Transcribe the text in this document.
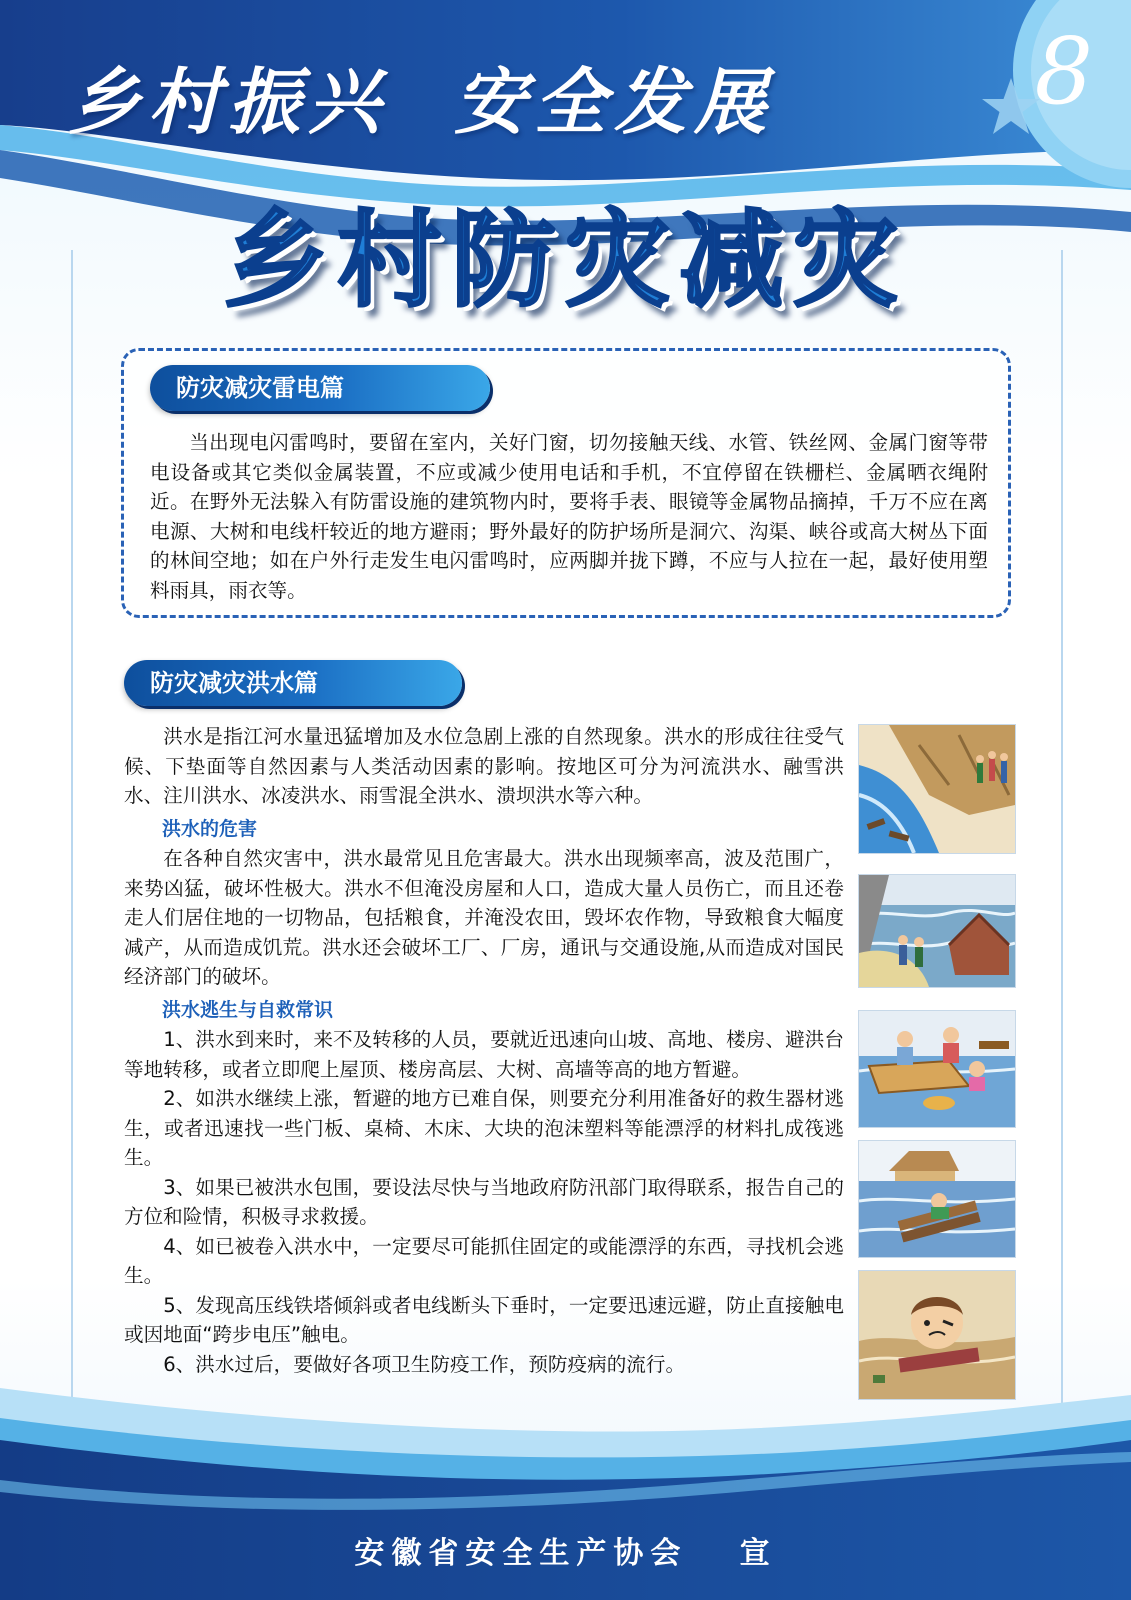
乡村振兴  安全发展	8
乡村防灾减灾
防灾减灾雷电篇

当出现电闪雷鸣时，要留在室内，关好门窗，切勿接触天线、水管、铁丝网、金属门窗等带电设备或其它类似金属装置，不应或减少使用电话和手机，不宜停留在铁栅栏、金属晒衣绳附近。在野外无法躲入有防雷设施的建筑物内时，要将手表、眼镜等金属物品摘掉，千万不应在离电源、大树和电线杆较近的地方避雨；野外最好的防护场所是洞穴、沟渠、峡谷或高大树丛下面的林间空地；如在户外行走发生电闪雷鸣时，应两脚并拢下蹲，不应与人拉在一起，最好使用塑料雨具，雨衣等。

防灾减灾洪水篇

洪水是指江河水量迅猛增加及水位急剧上涨的自然现象。洪水的形成往往受气候、下垫面等自然因素与人类活动因素的影响。按地区可分为河流洪水、融雪洪水、注川洪水、冰凌洪水、雨雪混全洪水、溃坝洪水等六种。

洪水的危害

在各种自然灾害中，洪水最常见且危害最大。洪水出现频率高，波及范围广，来势凶猛，破坏性极大。洪水不但淹没房屋和人口，造成大量人员伤亡，而且还卷走人们居住地的一切物品，包括粮食，并淹没农田，毁坏农作物，导致粮食大幅度减产，从而造成饥荒。洪水还会破坏工厂、厂房，通讯与交通设施,从而造成对国民经济部门的破坏。

洪水逃生与自救常识

1、洪水到来时，来不及转移的人员，要就近迅速向山坡、高地、楼房、避洪台等地转移，或者立即爬上屋顶、楼房高层、大树、高墙等高的地方暂避。

2、如洪水继续上涨，暂避的地方已难自保，则要充分利用准备好的救生器材逃生，或者迅速找一些门板、桌椅、木床、大块的泡沫塑料等能漂浮的材料扎成筏逃生。

3、如果已被洪水包围，要设法尽快与当地政府防汛部门取得联系，报告自己的方位和险情，积极寻求救援。

4、如已被卷入洪水中，一定要尽可能抓住固定的或能漂浮的东西，寻找机会逃生。

5、发现高压线铁塔倾斜或者电线断头下垂时，一定要迅速远避，防止直接触电或因地面“跨步电压”触电。

6、洪水过后，要做好各项卫生防疫工作，预防疫病的流行。

安徽省安全生产协会   宣
